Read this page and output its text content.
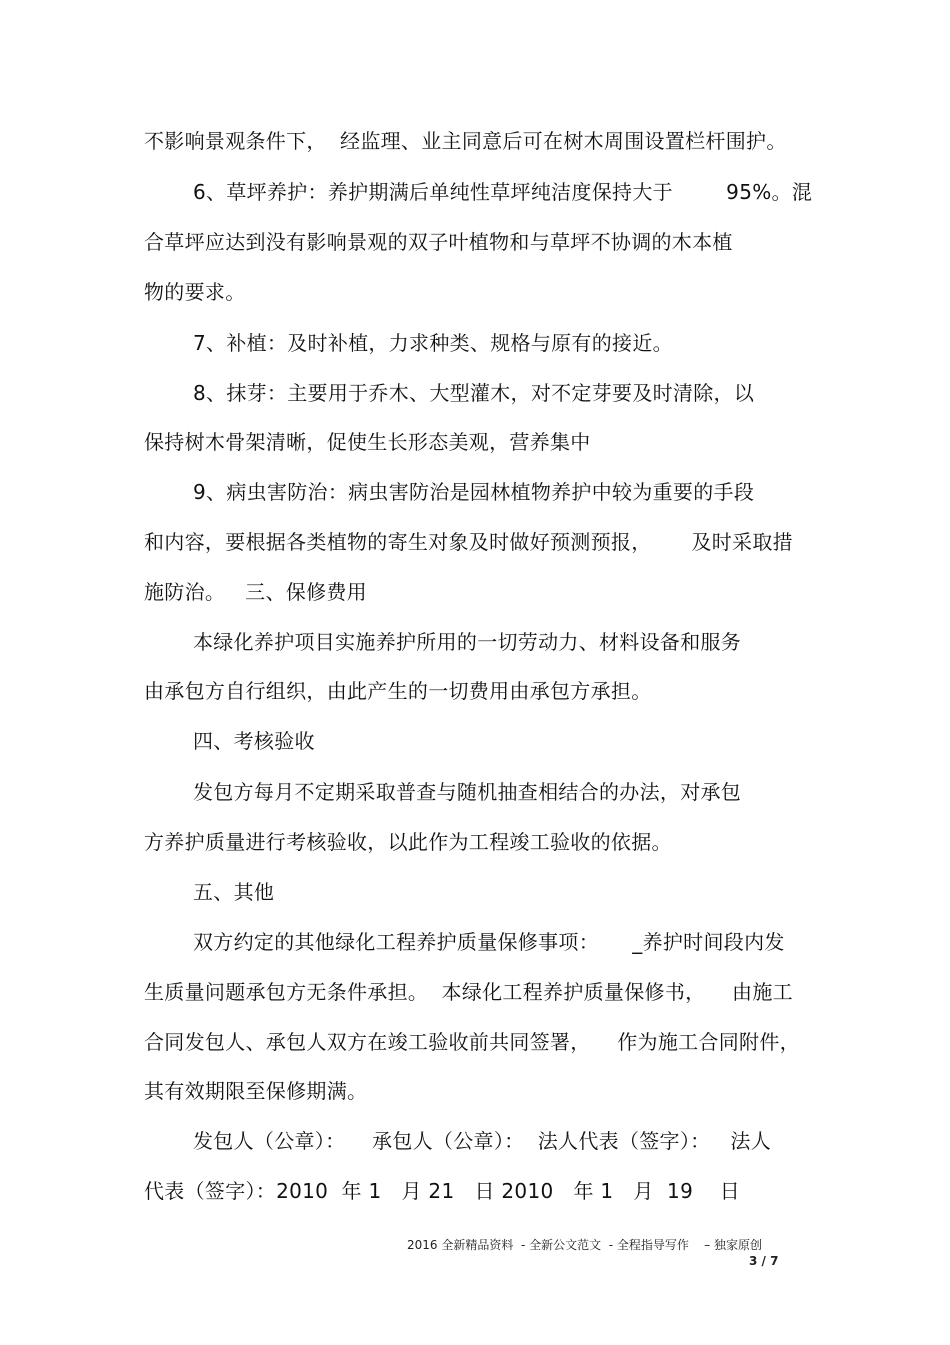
不影响景观条件下，  经监理、业主同意后可在树木周围设置栏杆围护。
6、草坪养护：养护期满后单纯性草坪纯洁度保持大于        95%。混
合草坪应达到没有影响景观的双子叶植物和与草坪不协调的木本植
物的要求。
7、补植：及时补植，力求种类、规格与原有的接近。
8、抹芽：主要用于乔木、大型灌木，对不定芽要及时清除，以
保持树木骨架清晰，促使生长形态美观，营养集中
9、病虫害防治：病虫害防治是园林植物养护中较为重要的手段
和内容，要根据各类植物的寄生对象及时做好预测预报，      及时采取措
施防治。   三、保修费用
本绿化养护项目实施养护所用的一切劳动力、材料设备和服务
由承包方自行组织，由此产生的一切费用由承包方承担。
四、考核验收
发包方每月不定期采取普查与随机抽查相结合的办法，对承包
方养护质量进行考核验收，以此作为工程竣工验收的依据。
五、其他
双方约定的其他绿化工程养护质量保修事项：     _养护时间段内发
生质量问题承包方无条件承担。  本绿化工程养护质量保修书，    由施工
合同发包人、承包人双方在竣工验收前共同签署，    作为施工合同附件，
其有效期限至保修期满。
发包人（公章）：    承包人（公章）：  法人代表（签字）：   法人
代表（签字）：2010  年 1   月 21   日 2010   年 1   月  19    日
2016 全新精品资料  - 全新公文范文  - 全程指导写作    – 独家原创
3 / 7
